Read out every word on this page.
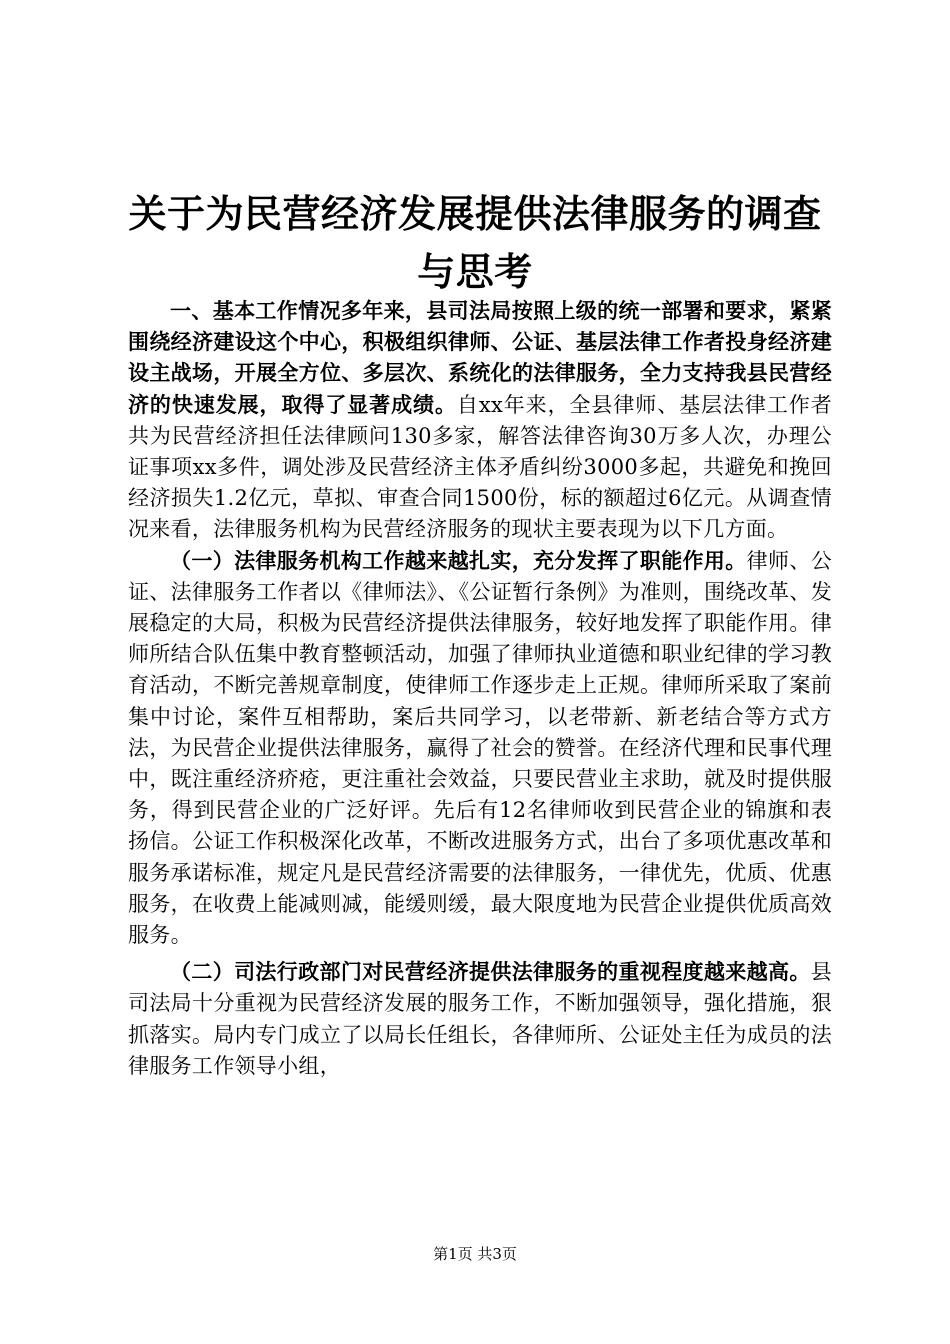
关于为民营经济发展提供法律服务的调查与思考

一、基本工作情况多年来，县司法局按照上级的统一部署和要求，紧紧围绕经济建设这个中心，积极组织律师、公证、基层法律工作者投身经济建设主战场，开展全方位、多层次、系统化的法律服务，全力支持我县民营经济的快速发展，取得了显著成绩。自xx年来，全县律师、基层法律工作者共为民营经济担任法律顾问130多家，解答法律咨询30万多人次，办理公证事项xx多件，调处涉及民营经济主体矛盾纠纷3000多起，共避免和挽回经济损失1.2亿元，草拟、审查合同1500份，标的额超过6亿元。从调查情况来看，法律服务机构为民营经济服务的现状主要表现为以下几方面。

（一）法律服务机构工作越来越扎实，充分发挥了职能作用。律师、公证、法律服务工作者以《律师法》、《公证暂行条例》为准则，围绕改革、发展稳定的大局，积极为民营经济提供法律服务，较好地发挥了职能作用。律师所结合队伍集中教育整顿活动，加强了律师执业道德和职业纪律的学习教育活动，不断完善规章制度，使律师工作逐步走上正规。律师所采取了案前集中讨论，案件互相帮助，案后共同学习，以老带新、新老结合等方式方法，为民营企业提供法律服务，赢得了社会的赞誉。在经济代理和民事代理中，既注重经济疥疮，更注重社会效益，只要民营业主求助，就及时提供服务，得到民营企业的广泛好评。先后有12名律师收到民营企业的锦旗和表扬信。公证工作积极深化改革，不断改进服务方式，出台了多项优惠改革和服务承诺标准，规定凡是民营经济需要的法律服务，一律优先，优质、优惠服务，在收费上能减则减，能缓则缓，最大限度地为民营企业提供优质高效服务。

（二）司法行政部门对民营经济提供法律服务的重视程度越来越高。县司法局十分重视为民营经济发展的服务工作，不断加强领导，强化措施，狠抓落实。局内专门成立了以局长任组长，各律师所、公证处主任为成员的法律服务工作领导小组，

第1页 共3页
